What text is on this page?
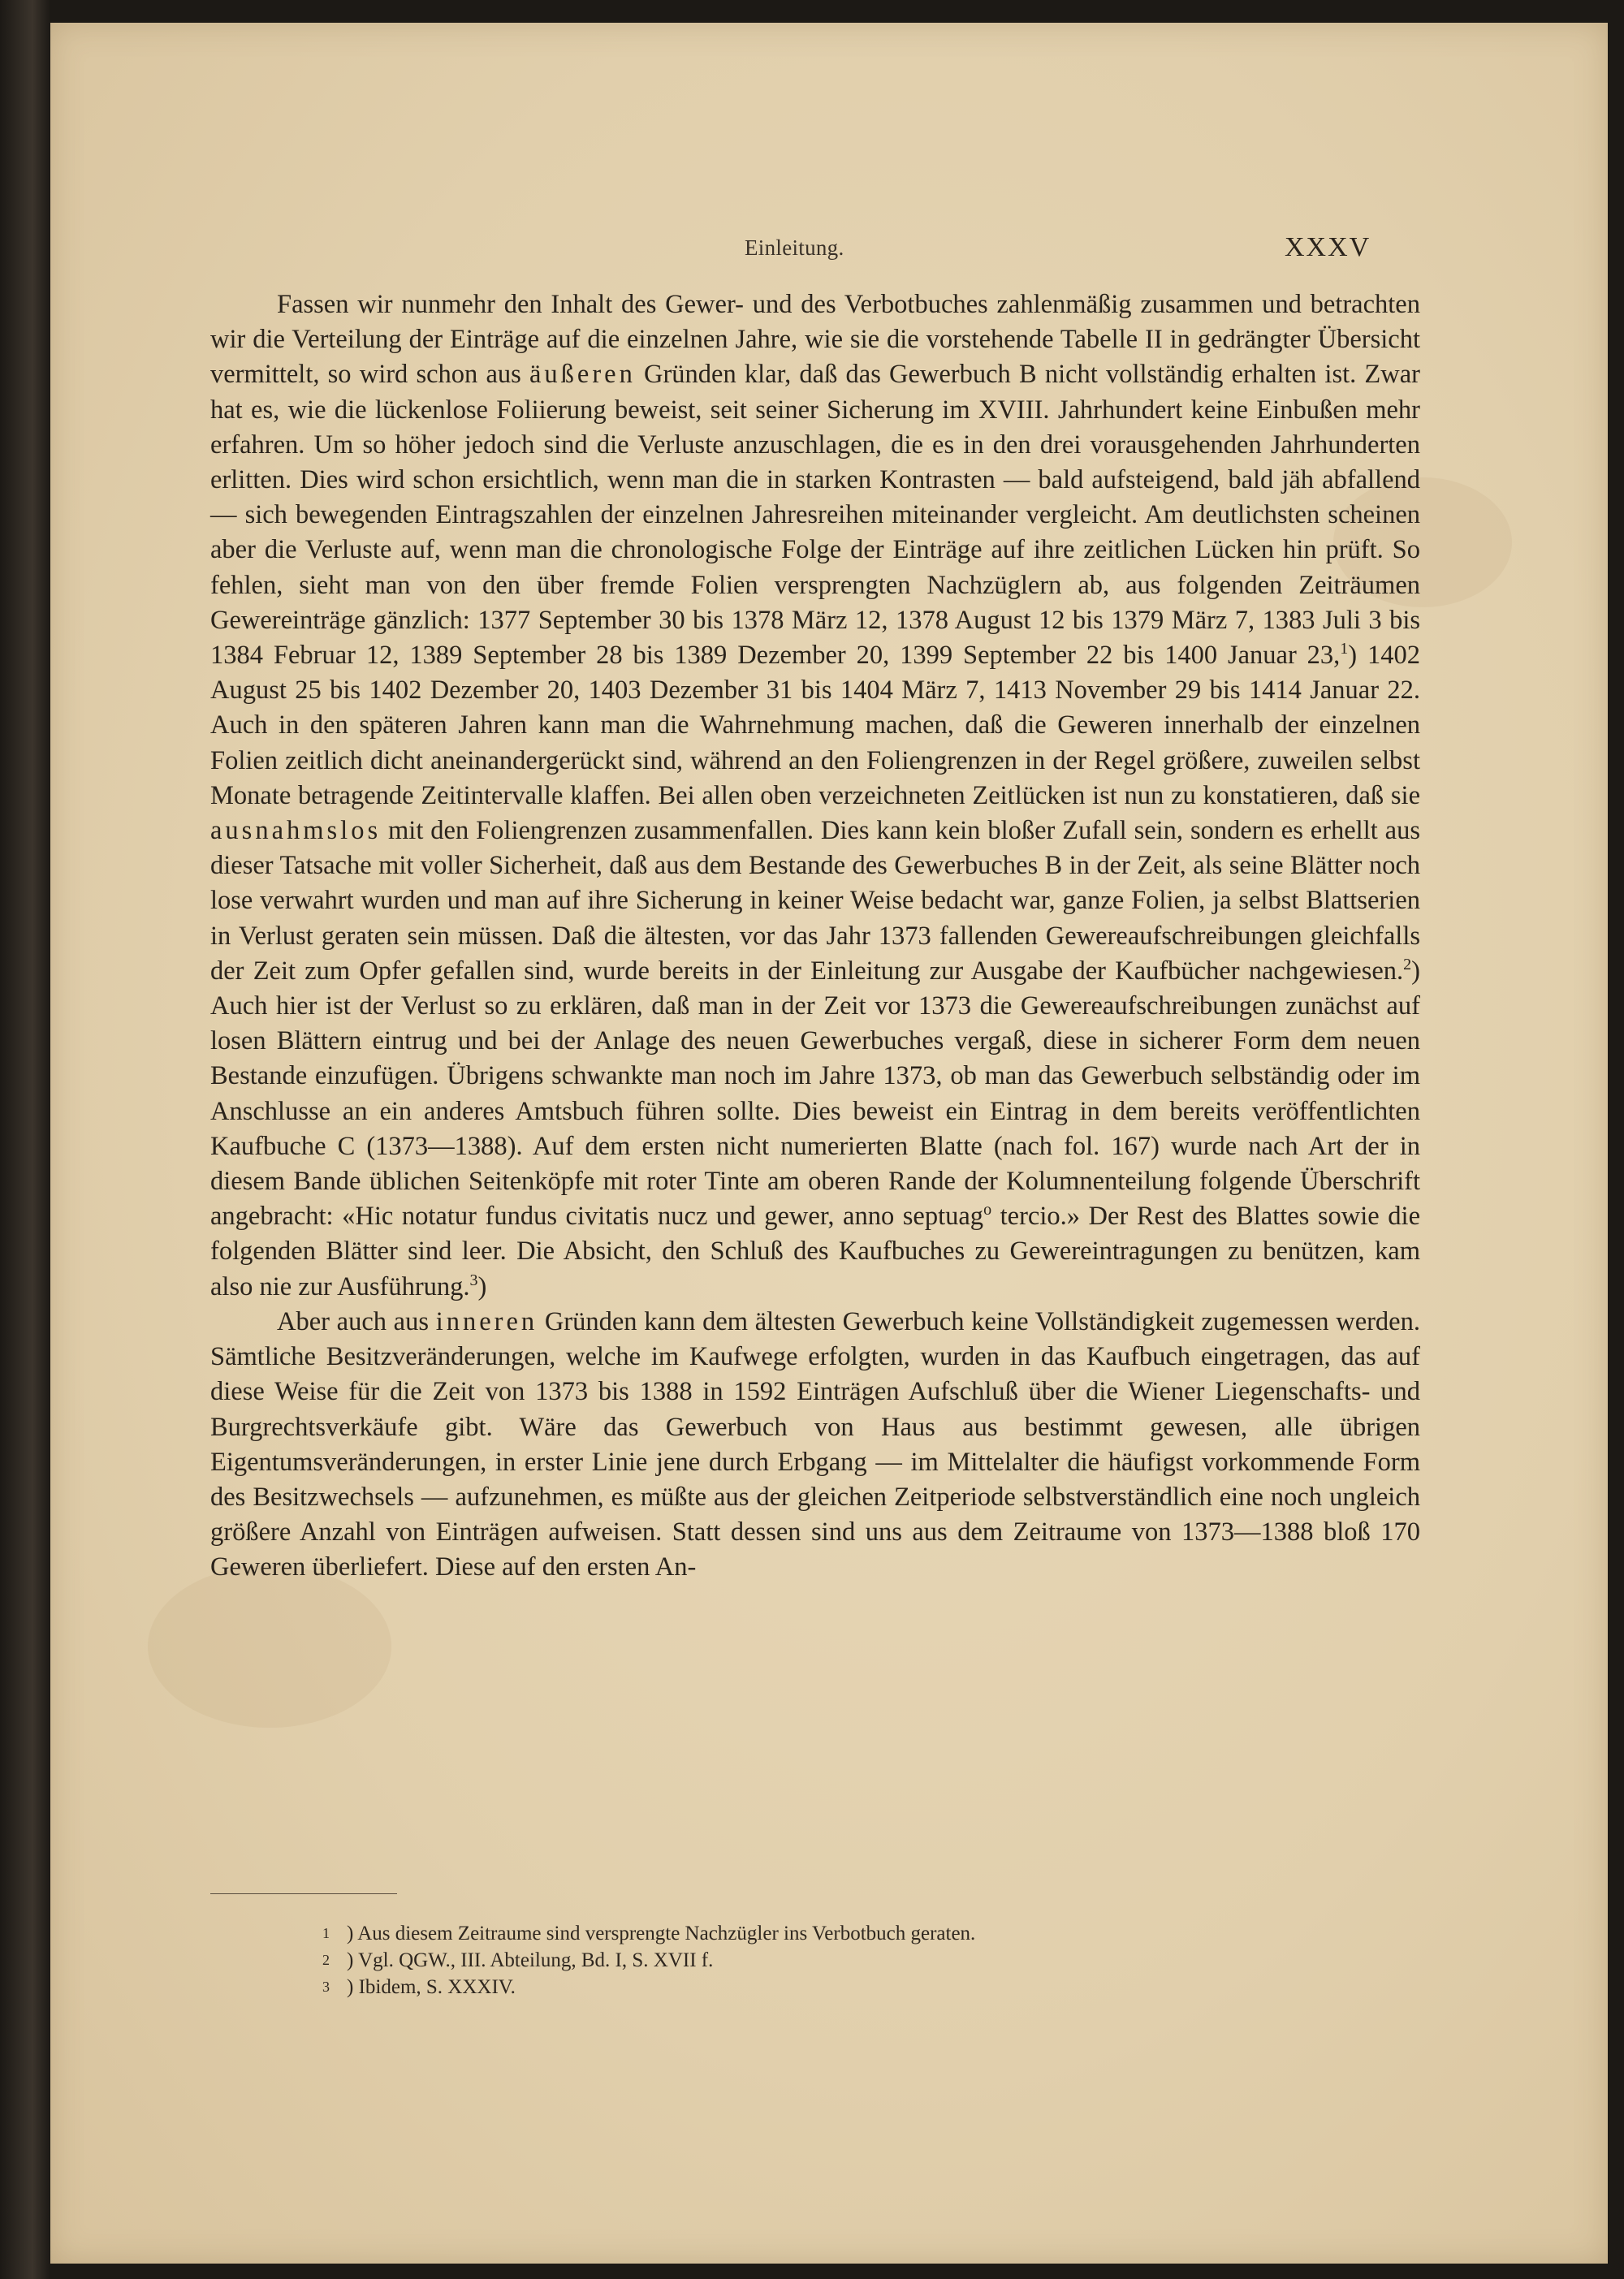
Einleitung.	XXXV

Fassen wir nunmehr den Inhalt des Gewer- und des Verbotbuches zahlenmäßig zusammen und betrachten wir die Verteilung der Einträge auf die einzelnen Jahre, wie sie die vorstehende Tabelle II in gedrängter Übersicht vermittelt, so wird schon aus äußeren Gründen klar, daß das Gewerbuch B nicht vollständig erhalten ist. Zwar hat es, wie die lückenlose Foliierung beweist, seit seiner Sicherung im XVIII. Jahrhundert keine Einbußen mehr erfahren. Um so höher jedoch sind die Verluste anzuschlagen, die es in den drei vorausgehenden Jahrhunderten erlitten. Dies wird schon ersichtlich, wenn man die in starken Kontrasten — bald aufsteigend, bald jäh abfallend — sich bewegenden Eintragszahlen der einzelnen Jahresreihen miteinander vergleicht. Am deutlichsten scheinen aber die Verluste auf, wenn man die chronologische Folge der Einträge auf ihre zeitlichen Lücken hin prüft. So fehlen, sieht man von den über fremde Folien versprengten Nachzüglern ab, aus folgenden Zeiträumen Gewereinträge gänzlich: 1377 September 30 bis 1378 März 12, 1378 August 12 bis 1379 März 7, 1383 Juli 3 bis 1384 Februar 12, 1389 September 28 bis 1389 Dezember 20, 1399 September 22 bis 1400 Januar 23,$^1$) 1402 August 25 bis 1402 Dezember 20, 1403 Dezember 31 bis 1404 März 7, 1413 November 29 bis 1414 Januar 22. Auch in den späteren Jahren kann man die Wahrnehmung machen, daß die Geweren innerhalb der einzelnen Folien zeitlich dicht aneinandergerückt sind, während an den Foliengrenzen in der Regel größere, zuweilen selbst Monate betragende Zeitintervalle klaffen. Bei allen oben verzeichneten Zeitlücken ist nun zu konstatieren, daß sie ausnahmslos mit den Foliengrenzen zusammenfallen. Dies kann kein bloßer Zufall sein, sondern es erhellt aus dieser Tatsache mit voller Sicherheit, daß aus dem Bestande des Gewerbuches B in der Zeit, als seine Blätter noch lose verwahrt wurden und man auf ihre Sicherung in keiner Weise bedacht war, ganze Folien, ja selbst Blattserien in Verlust geraten sein müssen. Daß die ältesten, vor das Jahr 1373 fallenden Gewereaufschreibungen gleichfalls der Zeit zum Opfer gefallen sind, wurde bereits in der Einleitung zur Ausgabe der Kaufbücher nachgewiesen.$^2$) Auch hier ist der Verlust so zu erklären, daß man in der Zeit vor 1373 die Gewereaufschreibungen zunächst auf losen Blättern eintrug und bei der Anlage des neuen Gewerbuches vergaß, diese in sicherer Form dem neuen Bestande einzufügen. Übrigens schwankte man noch im Jahre 1373, ob man das Gewerbuch selbständig oder im Anschlusse an ein anderes Amtsbuch führen sollte. Dies beweist ein Eintrag in dem bereits veröffentlichten Kaufbuche C (1373—1388). Auf dem ersten nicht numerierten Blatte (nach fol. 167) wurde nach Art der in diesem Bande üblichen Seitenköpfe mit roter Tinte am oberen Rande der Kolumnenteilung folgende Überschrift angebracht: «Hic notatur fundus civitatis nucz und gewer, anno septuag$^o$ tercio.» Der Rest des Blattes sowie die folgenden Blätter sind leer. Die Absicht, den Schluß des Kaufbuches zu Gewereintragungen zu benützen, kam also nie zur Ausführung.$^3$)

Aber auch aus inneren Gründen kann dem ältesten Gewerbuch keine Vollständigkeit zugemessen werden. Sämtliche Besitzveränderungen, welche im Kaufwege erfolgten, wurden in das Kaufbuch eingetragen, das auf diese Weise für die Zeit von 1373 bis 1388 in 1592 Einträgen Aufschluß über die Wiener Liegenschafts- und Burgrechtsverkäufe gibt. Wäre das Gewerbuch von Haus aus bestimmt gewesen, alle übrigen Eigentumsveränderungen, in erster Linie jene durch Erbgang — im Mittelalter die häufigst vorkommende Form des Besitzwechsels — aufzunehmen, es müßte aus der gleichen Zeitperiode selbstverständlich eine noch ungleich größere Anzahl von Einträgen aufweisen. Statt dessen sind uns aus dem Zeitraume von 1373—1388 bloß 170 Geweren überliefert. Diese auf den ersten An-

1 ) Aus diesem Zeitraume sind versprengte Nachzügler ins Verbotbuch geraten.
2 ) Vgl. QGW., III. Abteilung, Bd. I, S. XVII f.
3 ) Ibidem, S. XXXIV.
